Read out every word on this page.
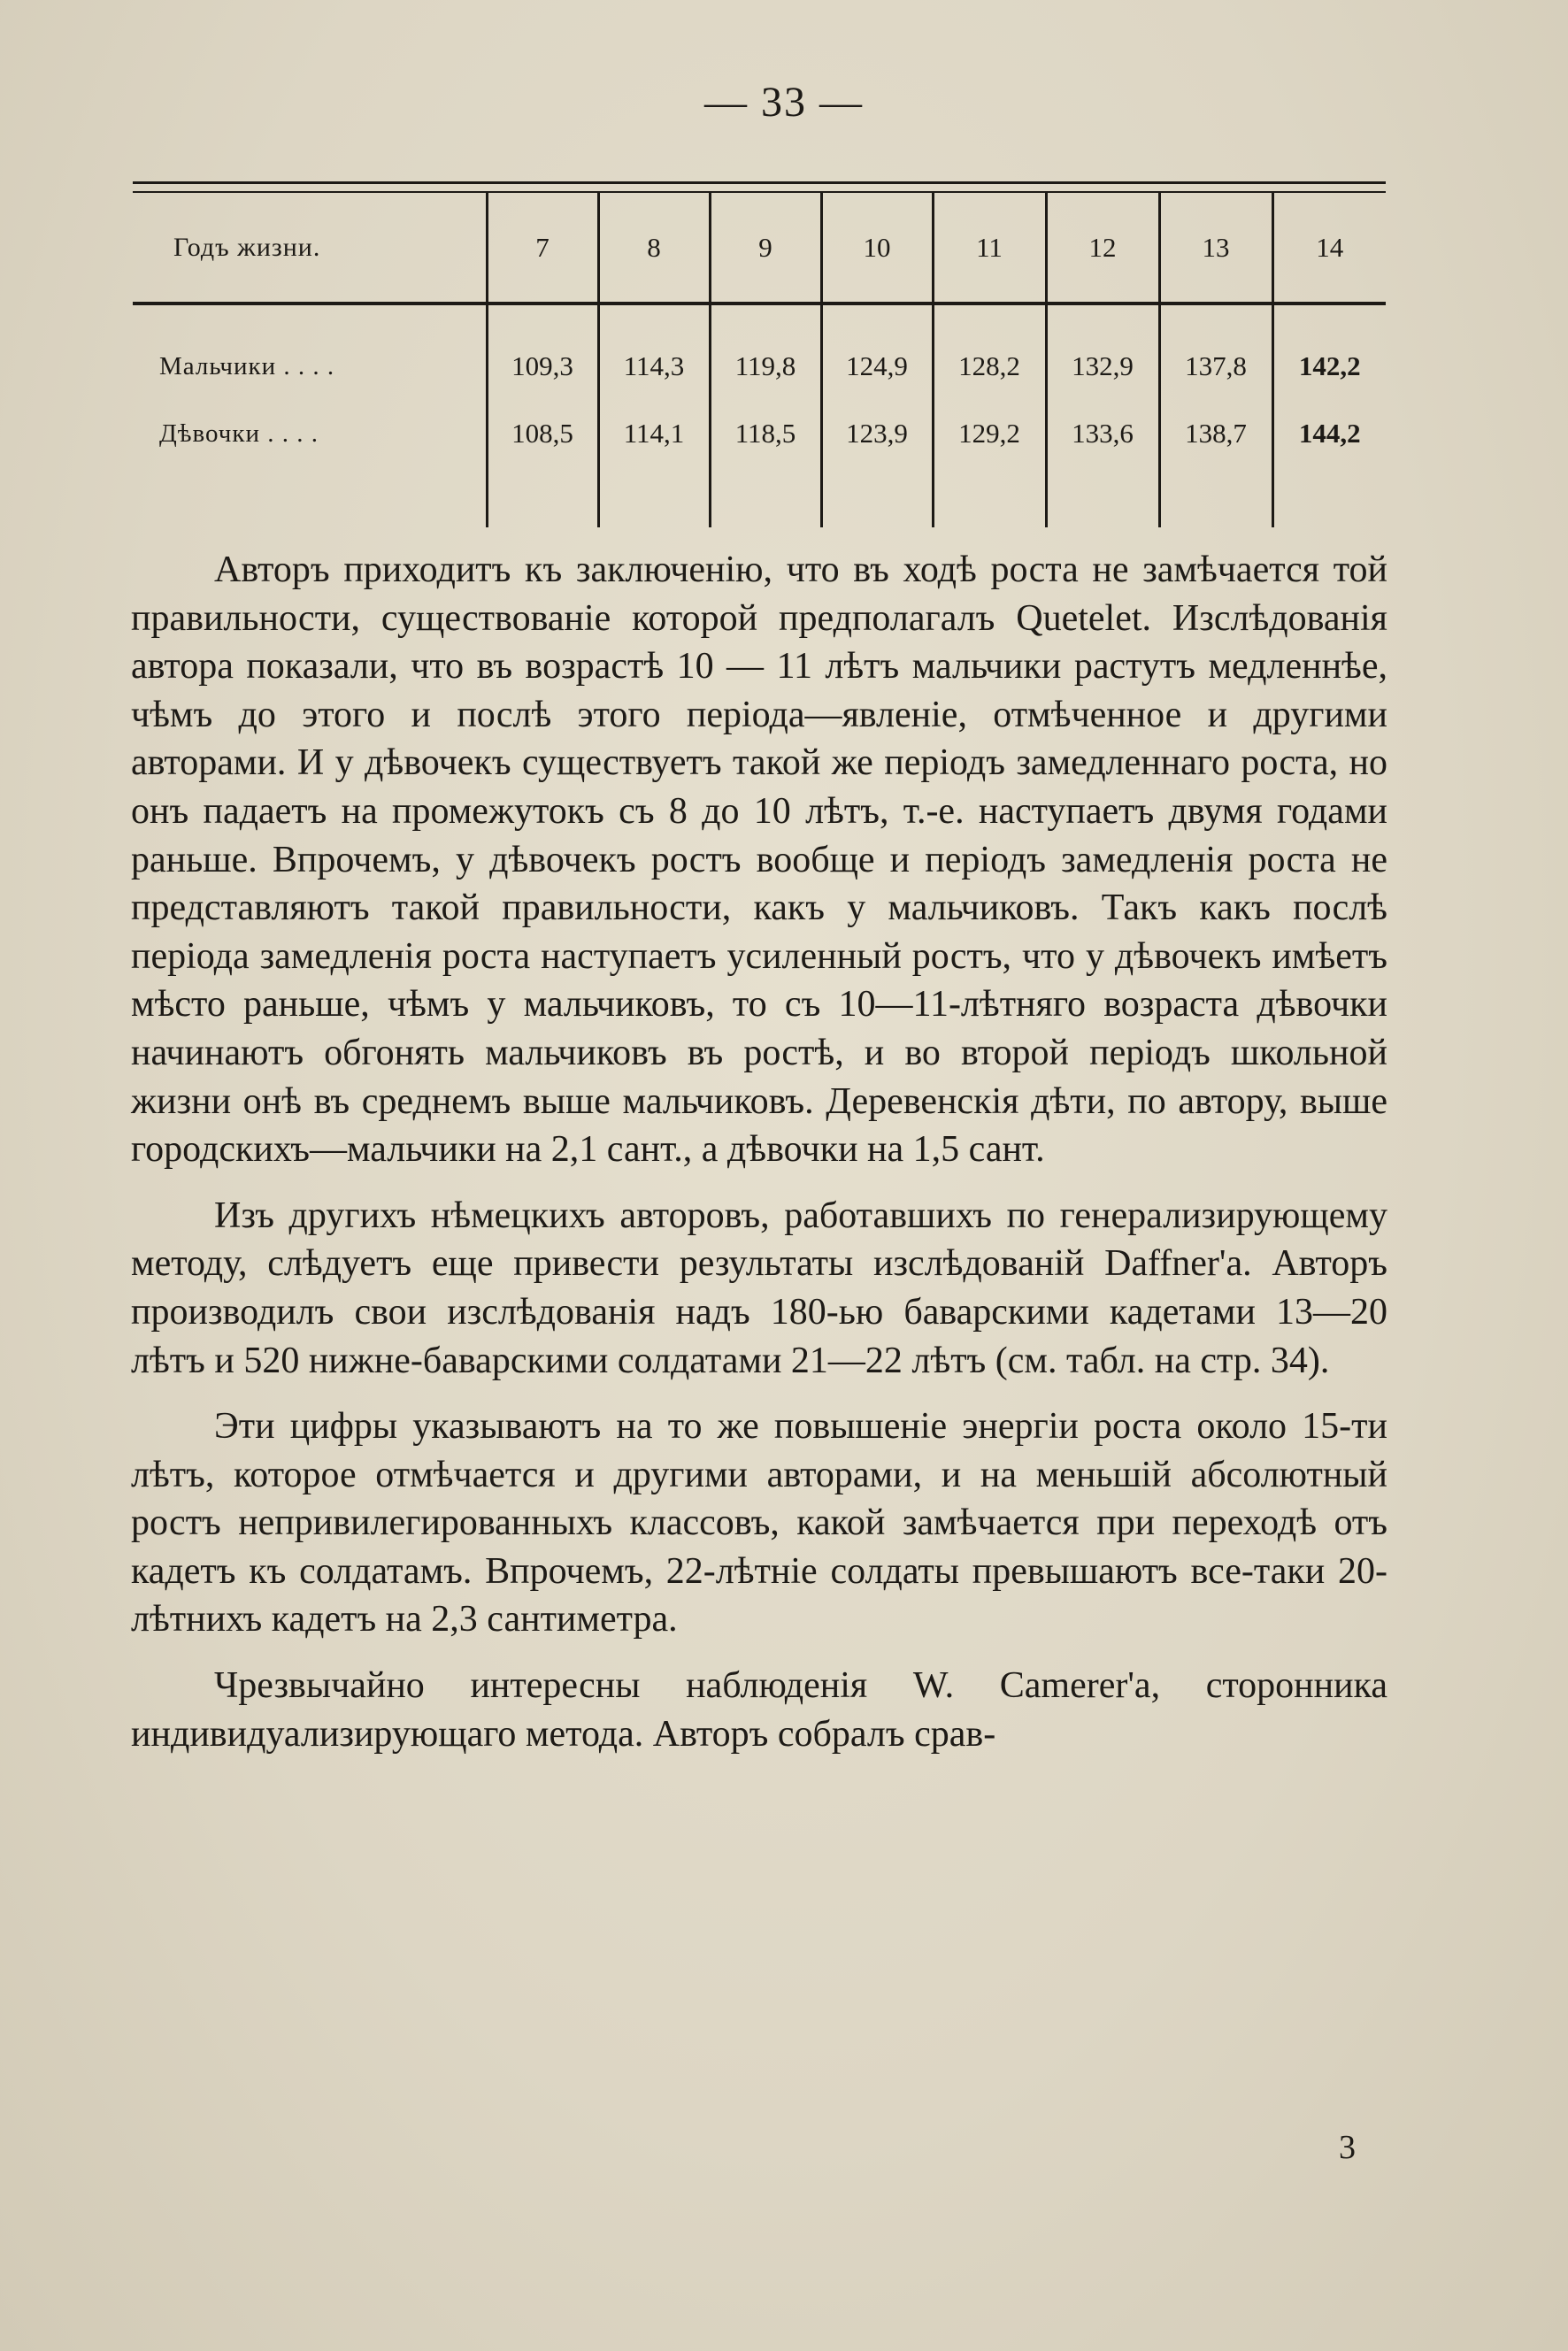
— 33 —
Годъ жизни.	7	8	9	10	11	12	13	14

Мальчики . . . .	109,3	114,3	119,8	124,9	128,2	132,9	137,8	142,2
Дѣвочки . . . .	108,5	114,1	118,5	123,9	129,2	133,6	138,7	144,2

Авторъ приходитъ къ заключенію, что въ ходѣ роста не замѣчается той правильности, существованіе которой предполагалъ Quetelet. Изслѣдованія автора показали, что въ возрастѣ 10 — 11 лѣтъ мальчики растутъ медленнѣе, чѣмъ до этого и послѣ этого періода—явленіе, отмѣченное и другими авторами. И у дѣвочекъ существуетъ такой же періодъ замедленнаго роста, но онъ падаетъ на промежутокъ съ 8 до 10 лѣтъ, т.-е. наступаетъ двумя годами раньше. Впрочемъ, у дѣвочекъ ростъ вообще и періодъ замедленія роста не представляютъ такой правильности, какъ у мальчиковъ. Такъ какъ послѣ періода замедленія роста наступаетъ усиленный ростъ, что у дѣвочекъ имѣетъ мѣсто раньше, чѣмъ у мальчиковъ, то съ 10—11-лѣтняго возраста дѣвочки начинаютъ обгонять мальчиковъ въ ростѣ, и во второй періодъ школьной жизни онѣ въ среднемъ выше мальчиковъ. Деревенскія дѣти, по автору, выше городскихъ—мальчики на 2,1 сант., а дѣвочки на 1,5 сант.

Изъ другихъ нѣмецкихъ авторовъ, работавшихъ по генерализирующему методу, слѣдуетъ еще привести результаты изслѣдованій Daffner'а. Авторъ производилъ свои изслѣдованія надъ 180-ью баварскими кадетами 13—20 лѣтъ и 520 нижне-баварскими солдатами 21—22 лѣтъ (см. табл. на стр. 34).

Эти цифры указываютъ на то же повышеніе энергіи роста около 15-ти лѣтъ, которое отмѣчается и другими авторами, и на меньшій абсолютный ростъ непривилегированныхъ классовъ, какой замѣчается при переходѣ отъ кадетъ къ солдатамъ. Впрочемъ, 22-лѣтніе солдаты превышаютъ все-таки 20-лѣтнихъ кадетъ на 2,3 сантиметра.

Чрезвычайно интересны наблюденія W. Camerer'а, сторонника индивидуализирующаго метода. Авторъ собралъ срав-

3
